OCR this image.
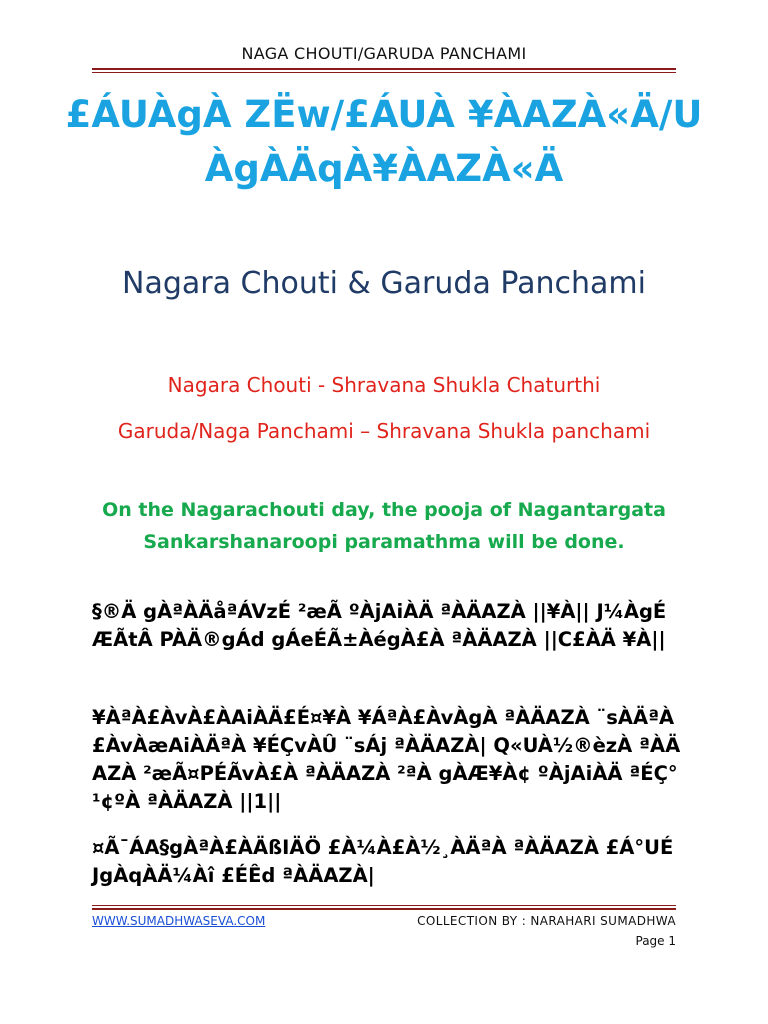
NAGA CHOUTI/GARUDA PANCHAMI
£ÁUÀgÀ ZËw/£ÁUÀ ¥ÀAZÀ«Ä/UÀgÀÄqÀ¥ÀAZÀ«Ä
Nagara Chouti & Garuda Panchami
Nagara Chouti - Shravana Shukla Chaturthi
Garuda/Naga Panchami – Shravana Shukla panchami
On the Nagarachouti day, the pooja of Nagantargata Sankarshanaroopi paramathma will be done.
§®Ä gÀªÀÄåªÁVzÉ ²æÃ ºÀjAiÀÄ ªÀÄAZÀ ||¥À|| J¼ÀgÉÆÃtÂ PÀÄ®gÁd gÁeÉÃ±ÀégÀ£À ªÀÄAZÀ ||C£ÀÄ ¥À||
¥ÀªÀ£ÀvÀ£ÀAiÀÄ£É¤¥À ¥ÁªÀ£ÀvÀgÀ ªÀÄAZÀ ¨sÀÄªÀ£ÀvÀæAiÀÄªÀ ¥ÉÇvÀÛ ¨sÁj ªÀÄAZÀ| Q«UÀ½®èzÀ ªÀÄAZÀ ²æÃ¤PÉÃvÀ£À ªÀÄAZÀ ²ªÀ gÀÆ¥À¢ ºÀjAiÀÄ ªÉÇ°¹¢ºÀ ªÀÄAZÀ ||1||
¤Ã¯ÁA§gÀªÀ£ÀÄßIÄÖ £À¼À£À½¸ÀÄªÀ ªÀÄAZÀ £Á°UÉ JgÀqÀÄ¼Àî £ÉÊd ªÀÄAZÀ|
WWW.SUMADHWASEVA.COM	COLLECTION BY : NARAHARI SUMADHWA
Page 1
